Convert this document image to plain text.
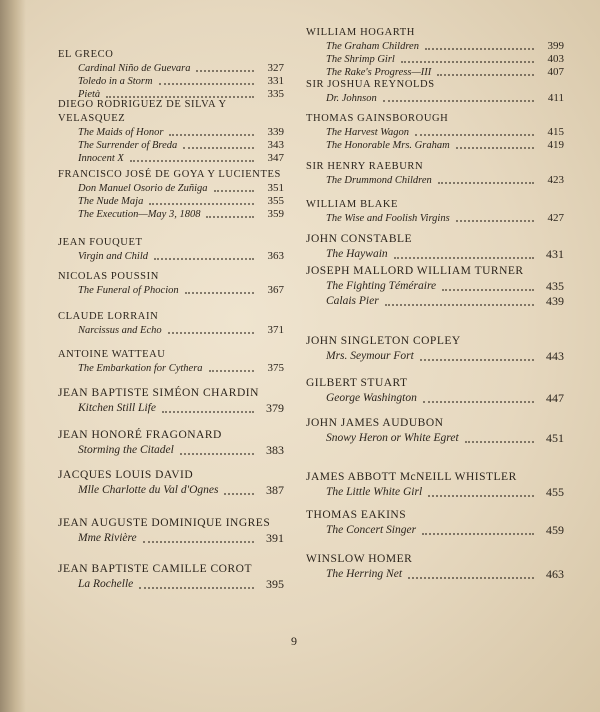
EL GRECO
Cardinal Niño de Guevara	327
Toledo in a Storm	331
Pietà	335
DIEGO RODRIGUEZ DE SILVA Y VELASQUEZ
The Maids of Honor	339
The Surrender of Breda	343
Innocent X	347
FRANCISCO JOSÉ DE GOYA Y LUCIENTES
Don Manuel Osorio de Zuñiga	351
The Nude Maja	355
The Execution—May 3, 1808	359
JEAN FOUQUET
Virgin and Child	363
NICOLAS POUSSIN
The Funeral of Phocion	367
CLAUDE LORRAIN
Narcissus and Echo	371
ANTOINE WATTEAU
The Embarkation for Cythera	375
JEAN BAPTISTE SIMÉON CHARDIN
Kitchen Still Life	379
JEAN HONORÉ FRAGONARD
Storming the Citadel	383
JACQUES LOUIS DAVID
Mlle Charlotte du Val d'Ognes	387
JEAN AUGUSTE DOMINIQUE INGRES
Mme Rivière	391
JEAN BAPTISTE CAMILLE COROT
La Rochelle	395
WILLIAM HOGARTH
The Graham Children	399
The Shrimp Girl	403
The Rake's Progress—III	407
SIR JOSHUA REYNOLDS
Dr. Johnson	411
THOMAS GAINSBOROUGH
The Harvest Wagon	415
The Honorable Mrs. Graham	419
SIR HENRY RAEBURN
The Drummond Children	423
WILLIAM BLAKE
The Wise and Foolish Virgins	427
JOHN CONSTABLE
The Haywain	431
JOSEPH MALLORD WILLIAM TURNER
The Fighting Téméraire	435
Calais Pier	439
JOHN SINGLETON COPLEY
Mrs. Seymour Fort	443
GILBERT STUART
George Washington	447
JOHN JAMES AUDUBON
Snowy Heron or White Egret	451
JAMES ABBOTT McNEILL WHISTLER
The Little White Girl	455
THOMAS EAKINS
The Concert Singer	459
WINSLOW HOMER
The Herring Net	463
9
